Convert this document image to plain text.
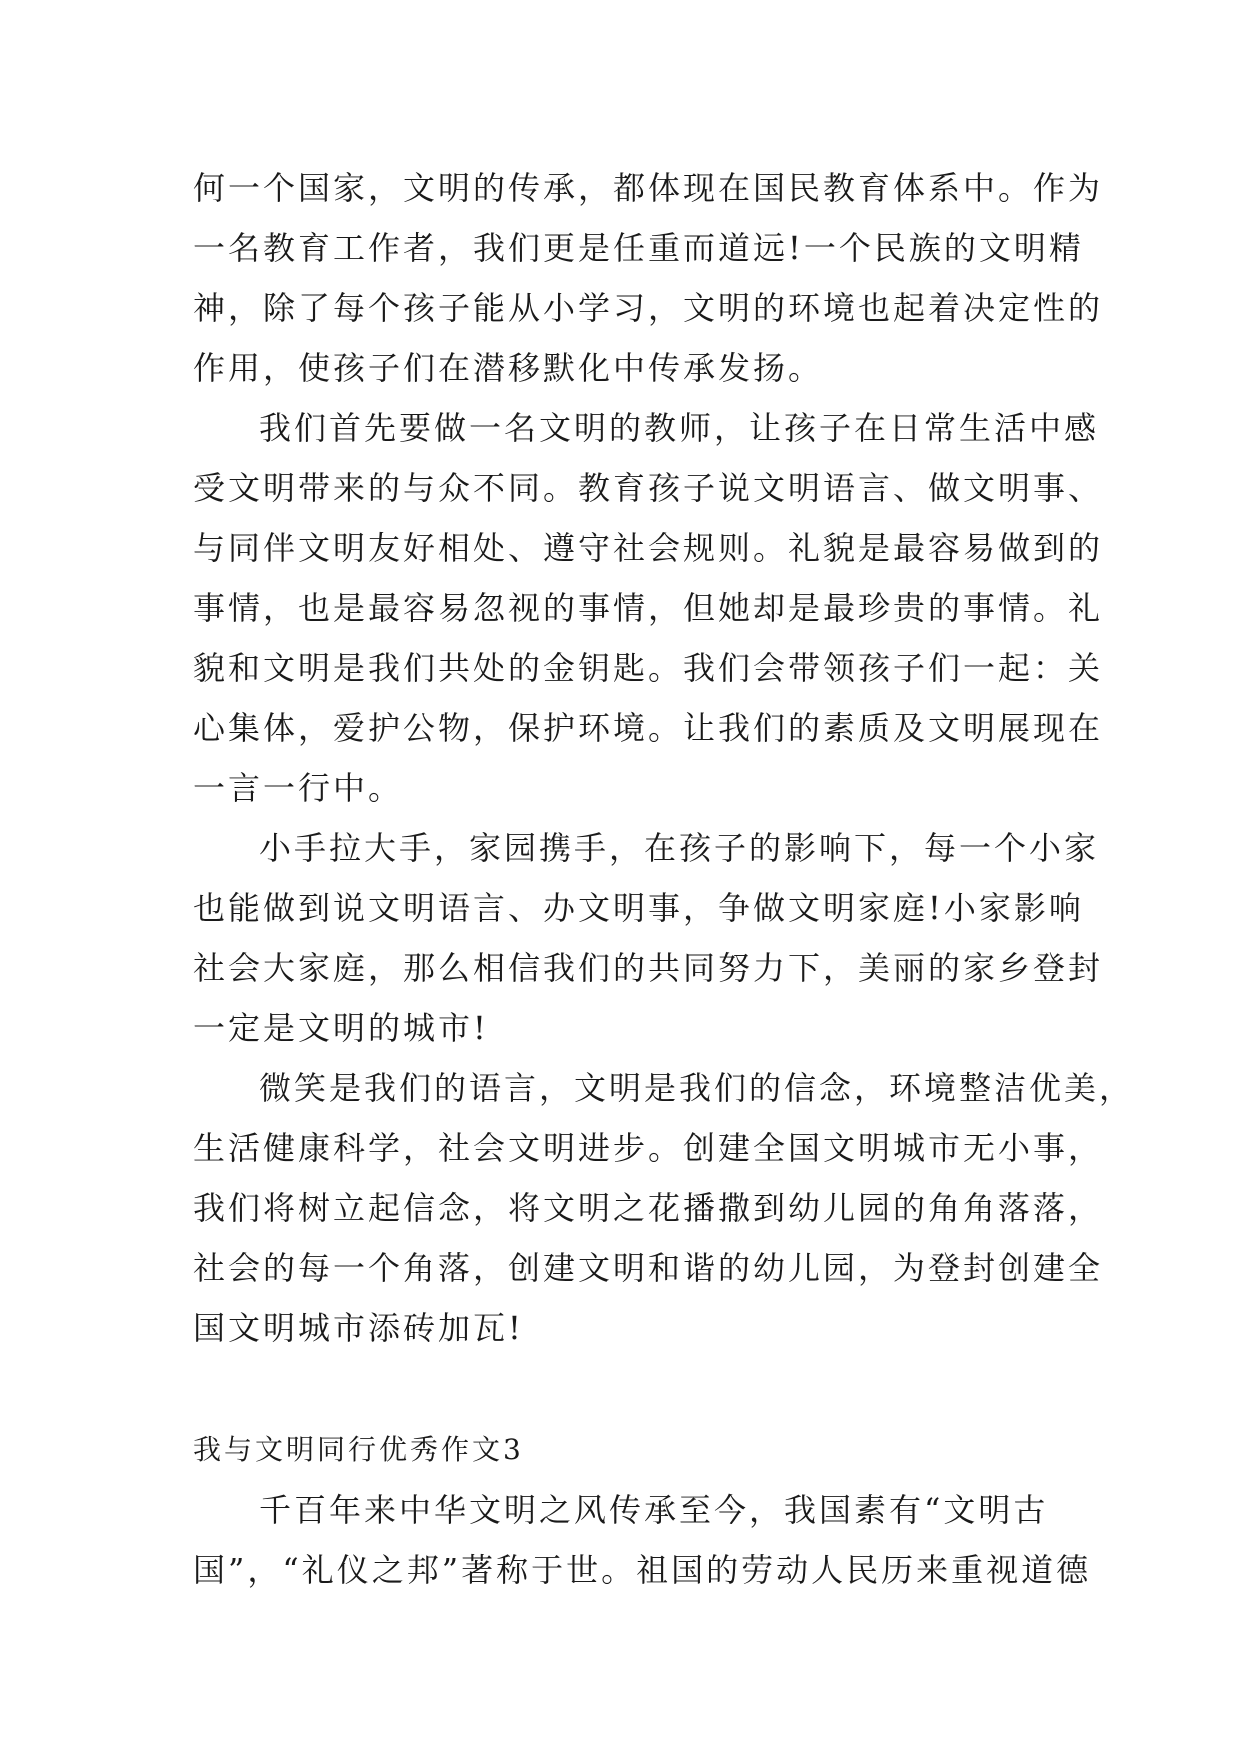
何一个国家，文明的传承，都体现在国民教育体系中。作为
一名教育工作者，我们更是任重而道远!一个民族的文明精
神，除了每个孩子能从小学习，文明的环境也起着决定性的
作用，使孩子们在潜移默化中传承发扬。
我们首先要做一名文明的教师，让孩子在日常生活中感
受文明带来的与众不同。教育孩子说文明语言、做文明事、
与同伴文明友好相处、遵守社会规则。礼貌是最容易做到的
事情，也是最容易忽视的事情，但她却是最珍贵的事情。礼
貌和文明是我们共处的金钥匙。我们会带领孩子们一起：关
心集体，爱护公物，保护环境。让我们的素质及文明展现在
一言一行中。
小手拉大手，家园携手，在孩子的影响下，每一个小家
也能做到说文明语言、办文明事，争做文明家庭!小家影响
社会大家庭，那么相信我们的共同努力下，美丽的家乡登封
一定是文明的城市!
微笑是我们的语言，文明是我们的信念，环境整洁优美，
生活健康科学，社会文明进步。创建全国文明城市无小事，
我们将树立起信念，将文明之花播撒到幼儿园的角角落落，
社会的每一个角落，创建文明和谐的幼儿园，为登封创建全
国文明城市添砖加瓦!
我与文明同行优秀作文3
千百年来中华文明之风传承至今，我国素有“文明古
国”，“礼仪之邦”著称于世。祖国的劳动人民历来重视道德
